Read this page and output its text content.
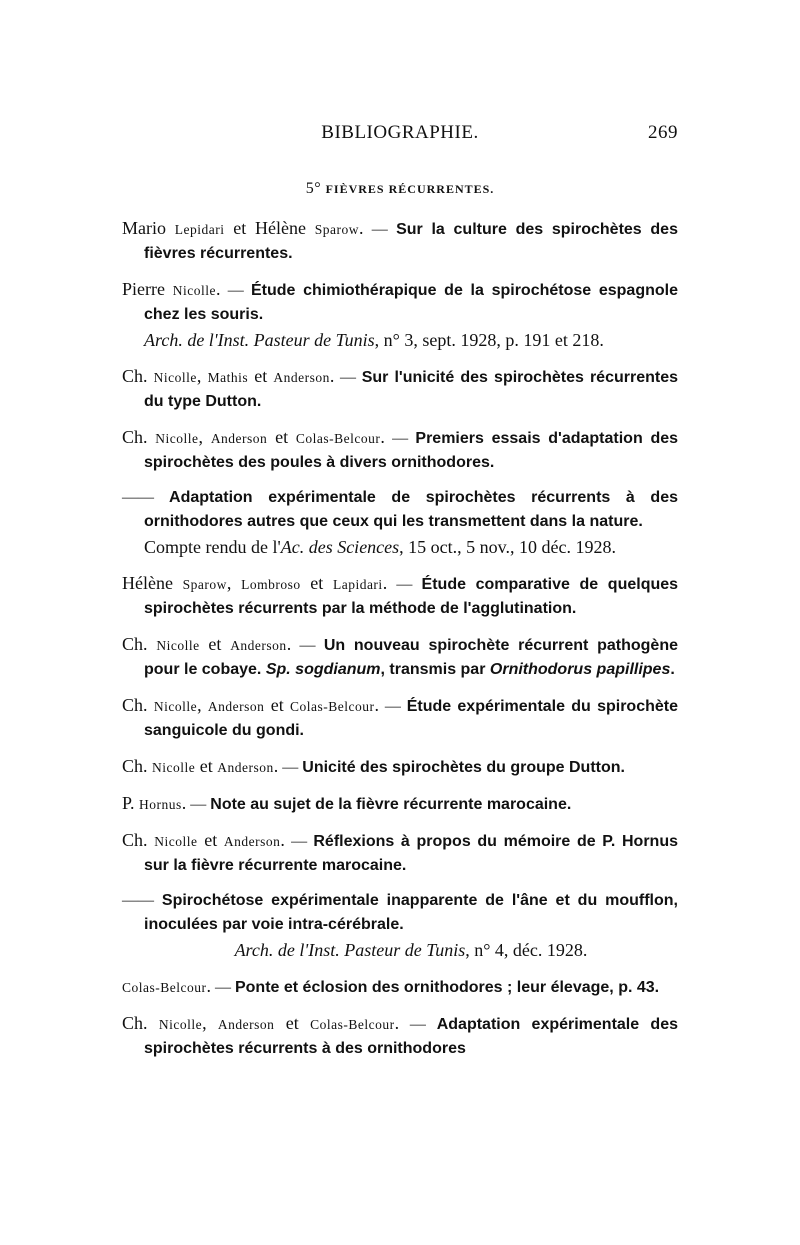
BIBLIOGRAPHIE.	269
5° FIÈVRES RÉCURRENTES.
Mario Lepidari et Hélène Sparow. — Sur la culture des spirochètes des fièvres récurrentes.
Pierre Nicolle. — Étude chimiothérapique de la spirochétose espagnole chez les souris.
Arch. de l'Inst. Pasteur de Tunis, n° 3, sept. 1928, p. 191 et 218.
Ch. Nicolle, Mathis et Anderson. — Sur l'unicité des spirochètes récurrentes du type Dutton.
Ch. Nicolle, Anderson et Colas-Belcour. — Premiers essais d'adaptation des spirochètes des poules à divers ornithodores.
—— Adaptation expérimentale de spirochètes récurrents à des ornithodores autres que ceux qui les transmettent dans la nature.
Compte rendu de l'Ac. des Sciences, 15 oct., 5 nov., 10 déc. 1928.
Hélène Sparow, Lombroso et Lapidari. — Étude comparative de quelques spirochètes récurrents par la méthode de l'agglutination.
Ch. Nicolle et Anderson. — Un nouveau spirochète récurrent pathogène pour le cobaye. Sp. sogdianum, transmis par Ornithodorus papillipes.
Ch. Nicolle, Anderson et Colas-Belcour. — Étude expérimentale du spirochète sanguicole du gondi.
Ch. Nicolle et Anderson. — Unicité des spirochètes du groupe Dutton.
P. Hornus. — Note au sujet de la fièvre récurrente marocaine.
Ch. Nicolle et Anderson. — Réflexions à propos du mémoire de P. Hornus sur la fièvre récurrente marocaine.
—— Spirochétose expérimentale inapparente de l'âne et du moufflon, inoculées par voie intra-cérébrale.
Arch. de l'Inst. Pasteur de Tunis, n° 4, déc. 1928.
Colas-Belcour. — Ponte et éclosion des ornithodores ; leur élevage, p. 43.
Ch. Nicolle, Anderson et Colas-Belcour. — Adaptation expérimentale des spirochètes récurrents à des ornithodores
